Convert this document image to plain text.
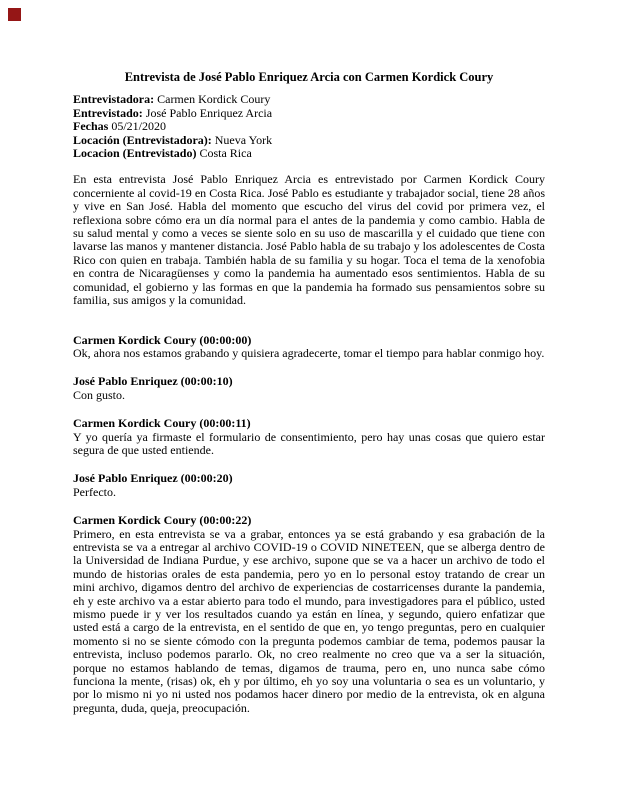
Entrevista de José Pablo Enriquez Arcia con Carmen Kordick Coury

Entrevistadora: Carmen Kordick Coury

Entrevistado: José Pablo Enriquez Arcia

Fechas 05/21/2020

Locación (Entrevistadora): Nueva York

Locacion (Entrevistado) Costa Rica

En esta entrevista José Pablo Enriquez Arcia es entrevistado por Carmen Kordick Coury concerniente al covid-19 en Costa Rica. José Pablo es estudiante y trabajador social, tiene 28 años y vive en San José. Habla del momento que escucho del virus del covid por primera vez, el reflexiona sobre cómo era un día normal para el antes de la pandemia y como cambio. Habla de su salud mental y como a veces se siente solo en su uso de mascarilla y el cuidado que tiene con lavarse las manos y mantener distancia. José Pablo habla de su trabajo y los adolescentes de Costa Rico con quien en trabaja. También habla de su familia y su hogar. Toca el tema de la xenofobia en contra de Nicaragüenses y como la pandemia ha aumentado esos sentimientos. Habla de su comunidad, el gobierno y las formas en que la pandemia ha formado sus pensamientos sobre su familia, sus amigos y la comunidad.

Carmen Kordick Coury (00:00:00)

Ok, ahora nos estamos grabando y quisiera agradecerte, tomar el tiempo para hablar conmigo hoy.

José Pablo Enriquez (00:00:10)

Con gusto.

Carmen Kordick Coury (00:00:11)

Y yo quería ya firmaste el formulario de consentimiento, pero hay unas cosas que quiero estar segura de que usted entiende.

José Pablo Enriquez (00:00:20)

Perfecto.

Carmen Kordick Coury (00:00:22)

Primero, en esta entrevista se va a grabar, entonces ya se está grabando y esa grabación de la entrevista se va a entregar al archivo COVID-19 o COVID NINETEEN, que se alberga dentro de la Universidad de Indiana Purdue, y ese archivo, supone que se va a hacer un archivo de todo el mundo de historias orales de esta pandemia, pero yo en lo personal estoy tratando de crear un mini archivo, digamos dentro del archivo de experiencias de costarricenses durante la pandemia, eh y este archivo va a estar abierto para todo el mundo, para investigadores para el público, usted mismo puede ir y ver los resultados cuando ya están en línea, y segundo, quiero enfatizar que usted está a cargo de la entrevista, en el sentido de que en, yo tengo preguntas, pero en cualquier momento si no se siente cómodo con la pregunta podemos cambiar de tema, podemos pausar la entrevista, incluso podemos pararlo. Ok, no creo realmente no creo que va a ser la situación, porque no estamos hablando de temas, digamos de trauma, pero en, uno nunca sabe cómo funciona la mente, (risas) ok, eh y por último, eh yo soy una voluntaria o sea es un voluntario, y por lo mismo ni yo ni usted nos podamos hacer dinero por medio de la entrevista, ok en alguna pregunta, duda, queja, preocupación.
